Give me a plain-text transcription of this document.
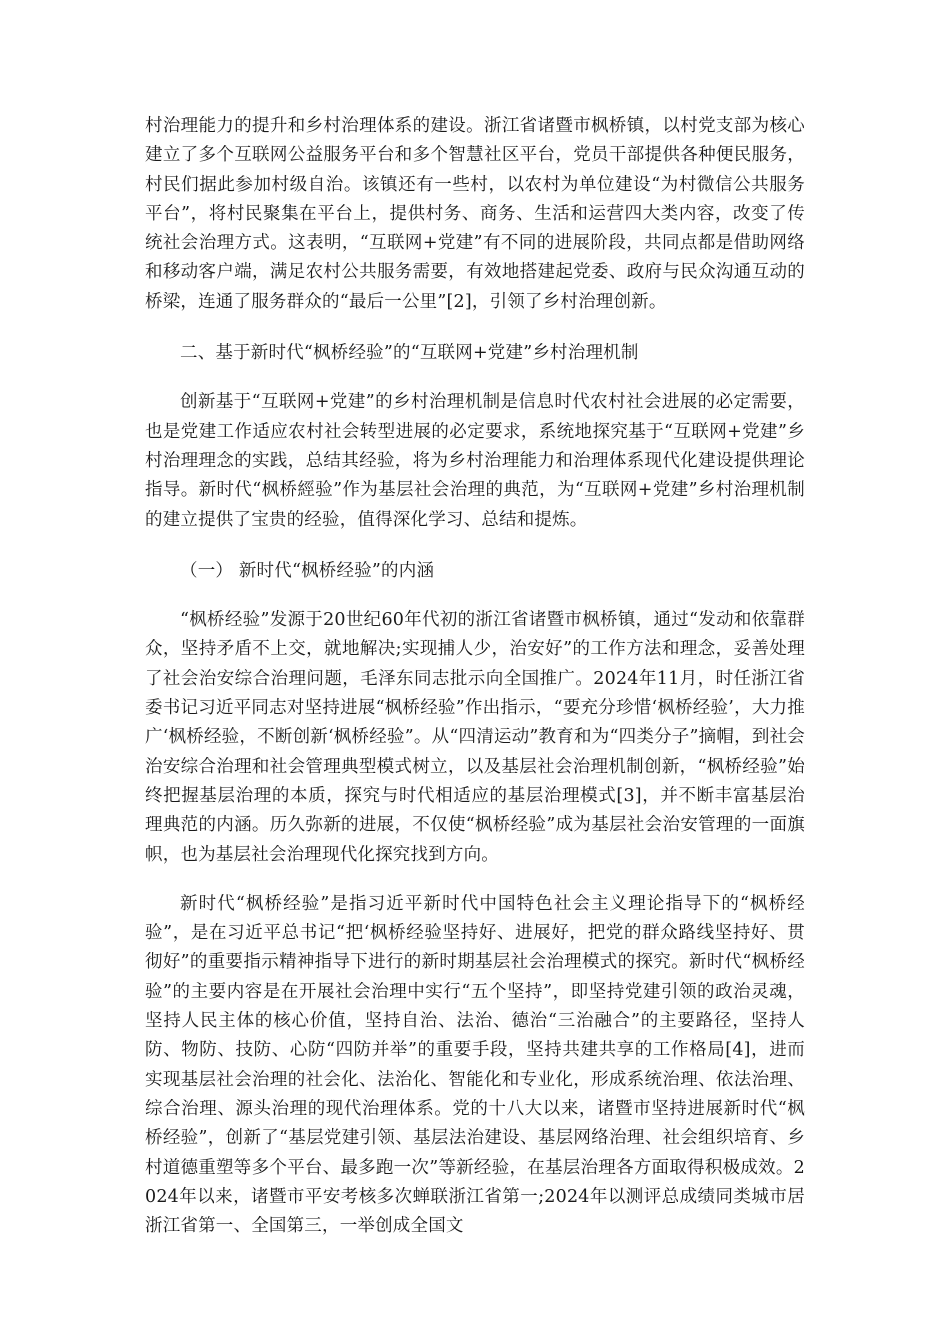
村治理能力的提升和乡村治理体系的建设。浙江省诸暨市枫桥镇，以村党支部为核心建立了多个互联网公益服务平台和多个智慧社区平台，党员干部提供各种便民服务，村民们据此参加村级自治。该镇还有一些村，以农村为单位建设“为村微信公共服务平台”，将村民聚集在平台上，提供村务、商务、生活和运营四大类内容，改变了传统社会治理方式。这表明，“互联网+党建”有不同的进展阶段，共同点都是借助网络和移动客户端，满足农村公共服务需要，有效地搭建起党委、政府与民众沟通互动的桥梁，连通了服务群众的“最后一公里”[2]，引领了乡村治理创新。

二、基于新时代“枫桥经验”的“互联网+党建”乡村治理机制

创新基于“互联网+党建”的乡村治理机制是信息时代农村社会进展的必定需要，也是党建工作适应农村社会转型进展的必定要求，系统地探究基于“互联网+党建”乡村治理理念的实践，总结其经验，将为乡村治理能力和治理体系现代化建设提供理论指导。新时代“枫桥經验”作为基层社会治理的典范，为“互联网+党建”乡村治理机制的建立提供了宝贵的经验，值得深化学习、总结和提炼。

（一） 新时代“枫桥经验”的内涵

“枫桥经验”发源于20世纪60年代初的浙江省诸暨市枫桥镇，通过“发动和依靠群众，坚持矛盾不上交，就地解决;实现捕人少，治安好”的工作方法和理念，妥善处理了社会治安综合治理问题，毛泽东同志批示向全国推广。2024年11月，时任浙江省委书记习近平同志对坚持进展“枫桥经验”作出指示，“要充分珍惜‘枫桥经验’，大力推广‘枫桥经验，不断创新‘枫桥经验”。从“四清运动”教育和为“四类分子”摘帽，到社会治安综合治理和社会管理典型模式树立，以及基层社会治理机制创新，“枫桥经验”始终把握基层治理的本质，探究与时代相适应的基层治理模式[3]，并不断丰富基层治理典范的内涵。历久弥新的进展，不仅使“枫桥经验”成为基层社会治安管理的一面旗帜，也为基层社会治理现代化探究找到方向。

新时代“枫桥经验”是指习近平新时代中国特色社会主义理论指导下的“枫桥经验”，是在习近平总书记“把‘枫桥经验坚持好、进展好，把党的群众路线坚持好、贯彻好”的重要指示精神指导下进行的新时期基层社会治理模式的探究。新时代“枫桥经验”的主要内容是在开展社会治理中实行“五个坚持”，即坚持党建引领的政治灵魂，坚持人民主体的核心价值，坚持自治、法治、德治“三治融合”的主要路径，坚持人防、物防、技防、心防“四防并举”的重要手段，坚持共建共享的工作格局[4]，进而实现基层社会治理的社会化、法治化、智能化和专业化，形成系统治理、依法治理、综合治理、源头治理的现代治理体系。党的十八大以来，诸暨市坚持进展新时代“枫桥经验”，创新了“基层党建引领、基层法治建设、基层网络治理、社会组织培育、乡村道德重塑等多个平台、最多跑一次”等新经验，在基层治理各方面取得积极成效。2024年以来，诸暨市平安考核多次蝉联浙江省第一;2024年以测评总成绩同类城市居浙江省第一、全国第三，一举创成全国文
